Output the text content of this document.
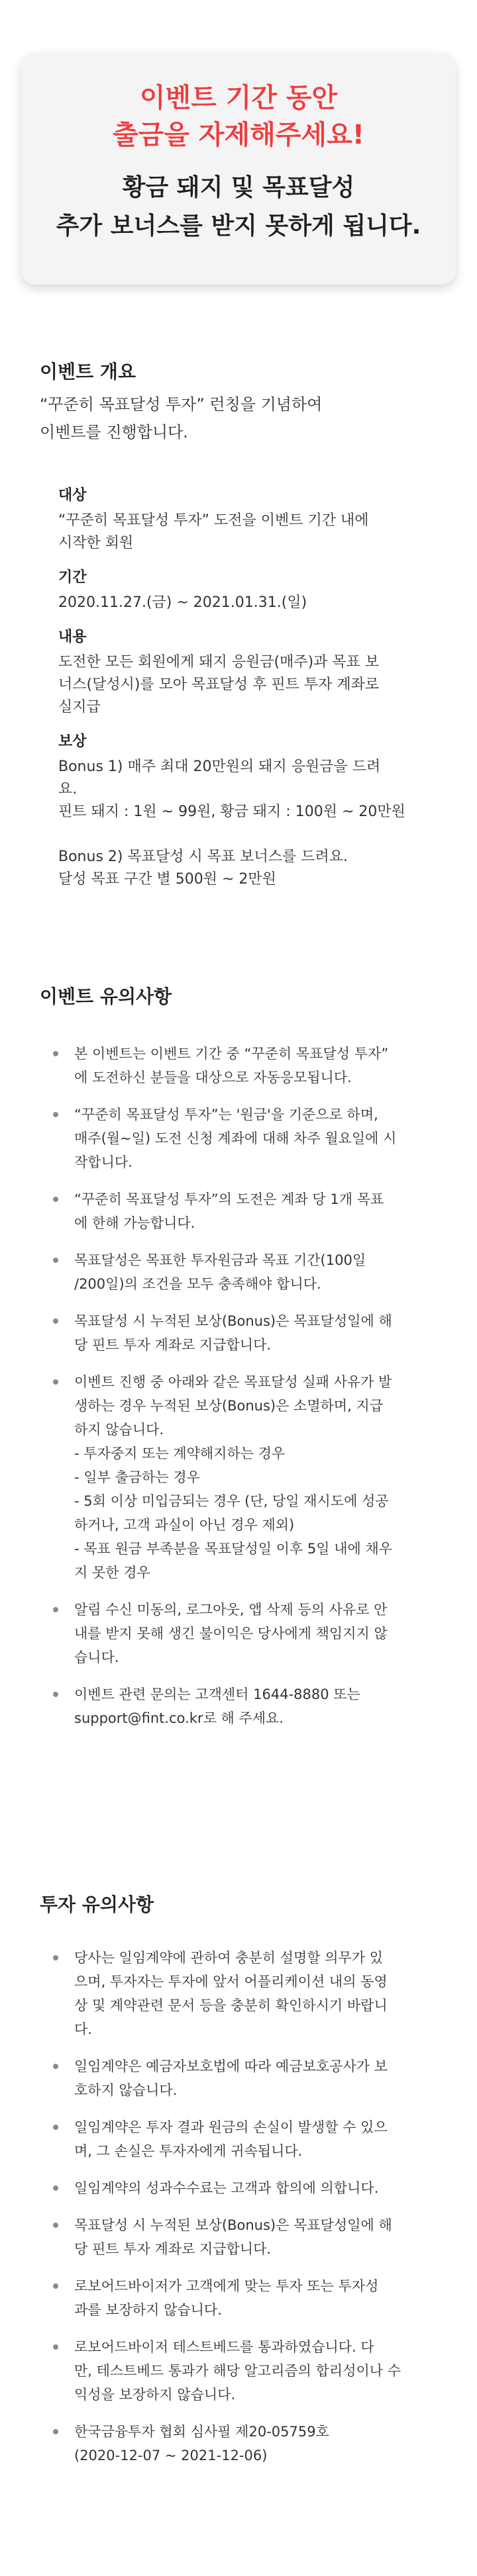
이벤트 기간 동안
출금을 자제해주세요!
황금 돼지 및 목표달성
추가 보너스를 받지 못하게 됩니다.
이벤트 개요

“꾸준히 목표달성 투자” 런칭을 기념하여

이벤트를 진행합니다.

대상

“꾸준히 목표달성 투자” 도전을 이벤트 기간 내에

시작한 회원

기간

2020.11.27.(금) ~ 2021.01.31.(일)

내용

도전한 모든 회원에게 돼지 응원금(매주)과 목표 보

너스(달성시)를 모아 목표달성 후 핀트 투자 계좌로

실지급

보상

Bonus 1) 매주 최대 20만원의 돼지 응원금을 드려

요.

핀트 돼지 : 1원 ~ 99원, 황금 돼지 : 100원 ~ 20만원

Bonus 2) 목표달성 시 목표 보너스를 드려요.

달성 목표 구간 별 500원 ~ 2만원

이벤트 유의사항

본 이벤트는 이벤트 기간 중 “꾸준히 목표달성 투자”

에 도전하신 분들을 대상으로 자동응모됩니다.

“꾸준히 목표달성 투자”는 '원금'을 기준으로 하며,

매주(월~일) 도전 신청 계좌에 대해 차주 월요일에 시

작합니다.

“꾸준히 목표달성 투자”의 도전은 계좌 당 1개 목표

에 한해 가능합니다.

목표달성은 목표한 투자원금과 목표 기간(100일

/200일)의 조건을 모두 충족해야 합니다.

목표달성 시 누적된 보상(Bonus)은 목표달성일에 해

당 핀트 투자 계좌로 지급합니다.

이벤트 진행 중 아래와 같은 목표달성 실패 사유가 발

생하는 경우 누적된 보상(Bonus)은 소멸하며, 지급

하지 않습니다.

- 투자중지 또는 계약해지하는 경우

- 일부 출금하는 경우

- 5회 이상 미입금되는 경우 (단, 당일 재시도에 성공

하거나, 고객 과실이 아닌 경우 제외)

- 목표 원금 부족분을 목표달성일 이후 5일 내에 채우

지 못한 경우

알림 수신 미동의, 로그아웃, 앱 삭제 등의 사유로 안

내를 받지 못해 생긴 불이익은 당사에게 책임지지 않

습니다.

이벤트 관련 문의는 고객센터 1644-8880 또는

support@fint.co.kr로 해 주세요.

투자 유의사항

당사는 일임계약에 관하여 충분히 설명할 의무가 있

으며, 투자자는 투자에 앞서 어플리케이션 내의 동영

상 및 계약관련 문서 등을 충분히 확인하시기 바랍니

다.

일임계약은 예금자보호법에 따라 예금보호공사가 보

호하지 않습니다.

일임계약은 투자 결과 원금의 손실이 발생할 수 있으

며, 그 손실은 투자자에게 귀속됩니다.

일임계약의 성과수수료는 고객과 합의에 의합니다.

목표달성 시 누적된 보상(Bonus)은 목표달성일에 해

당 핀트 투자 계좌로 지급합니다.

로보어드바이저가 고객에게 맞는 투자 또는 투자성

과를 보장하지 않습니다.

로보어드바이저 테스트베드를 통과하였습니다. 다

만, 테스트베드 통과가 해당 알고리즘의 합리성이나 수

익성을 보장하지 않습니다.

한국금융투자 협회 심사필 제20-05759호

(2020-12-07 ~ 2021-12-06)
